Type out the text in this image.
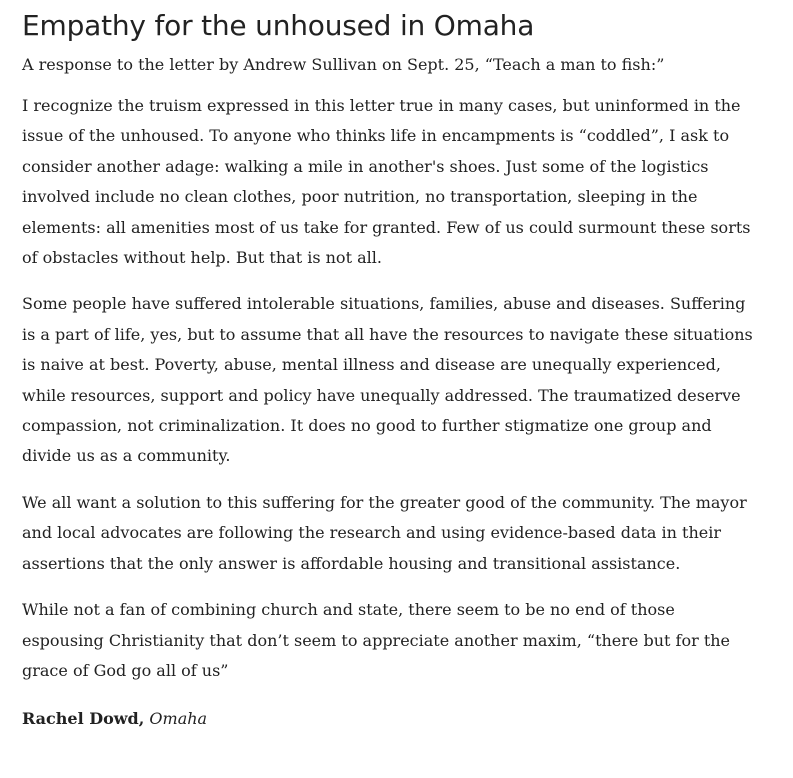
Empathy for the unhoused in Omaha

A response to the letter by Andrew Sullivan on Sept. 25, “Teach a man to fish:”

I recognize the truism expressed in this letter true in many cases, but uninformed in the issue of the unhoused. To anyone who thinks life in encampments is “coddled”, I ask to consider another adage: walking a mile in another's shoes. Just some of the logistics involved include no clean clothes, poor nutrition, no transportation, sleeping in the elements: all amenities most of us take for granted. Few of us could surmount these sorts of obstacles without help. But that is not all.

Some people have suffered intolerable situations, families, abuse and diseases. Suffering is a part of life, yes, but to assume that all have the resources to navigate these situations is naive at best. Poverty, abuse, mental illness and disease are unequally experienced, while resources, support and policy have unequally addressed. The traumatized deserve compassion, not criminalization. It does no good to further stigmatize one group and divide us as a community.

We all want a solution to this suffering for the greater good of the community. The mayor and local advocates are following the research and using evidence-based data in their assertions that the only answer is affordable housing and transitional assistance.

While not a fan of combining church and state, there seem to be no end of those espousing Christianity that don’t seem to appreciate another maxim, “there but for the grace of God go all of us”

Rachel Dowd, Omaha
